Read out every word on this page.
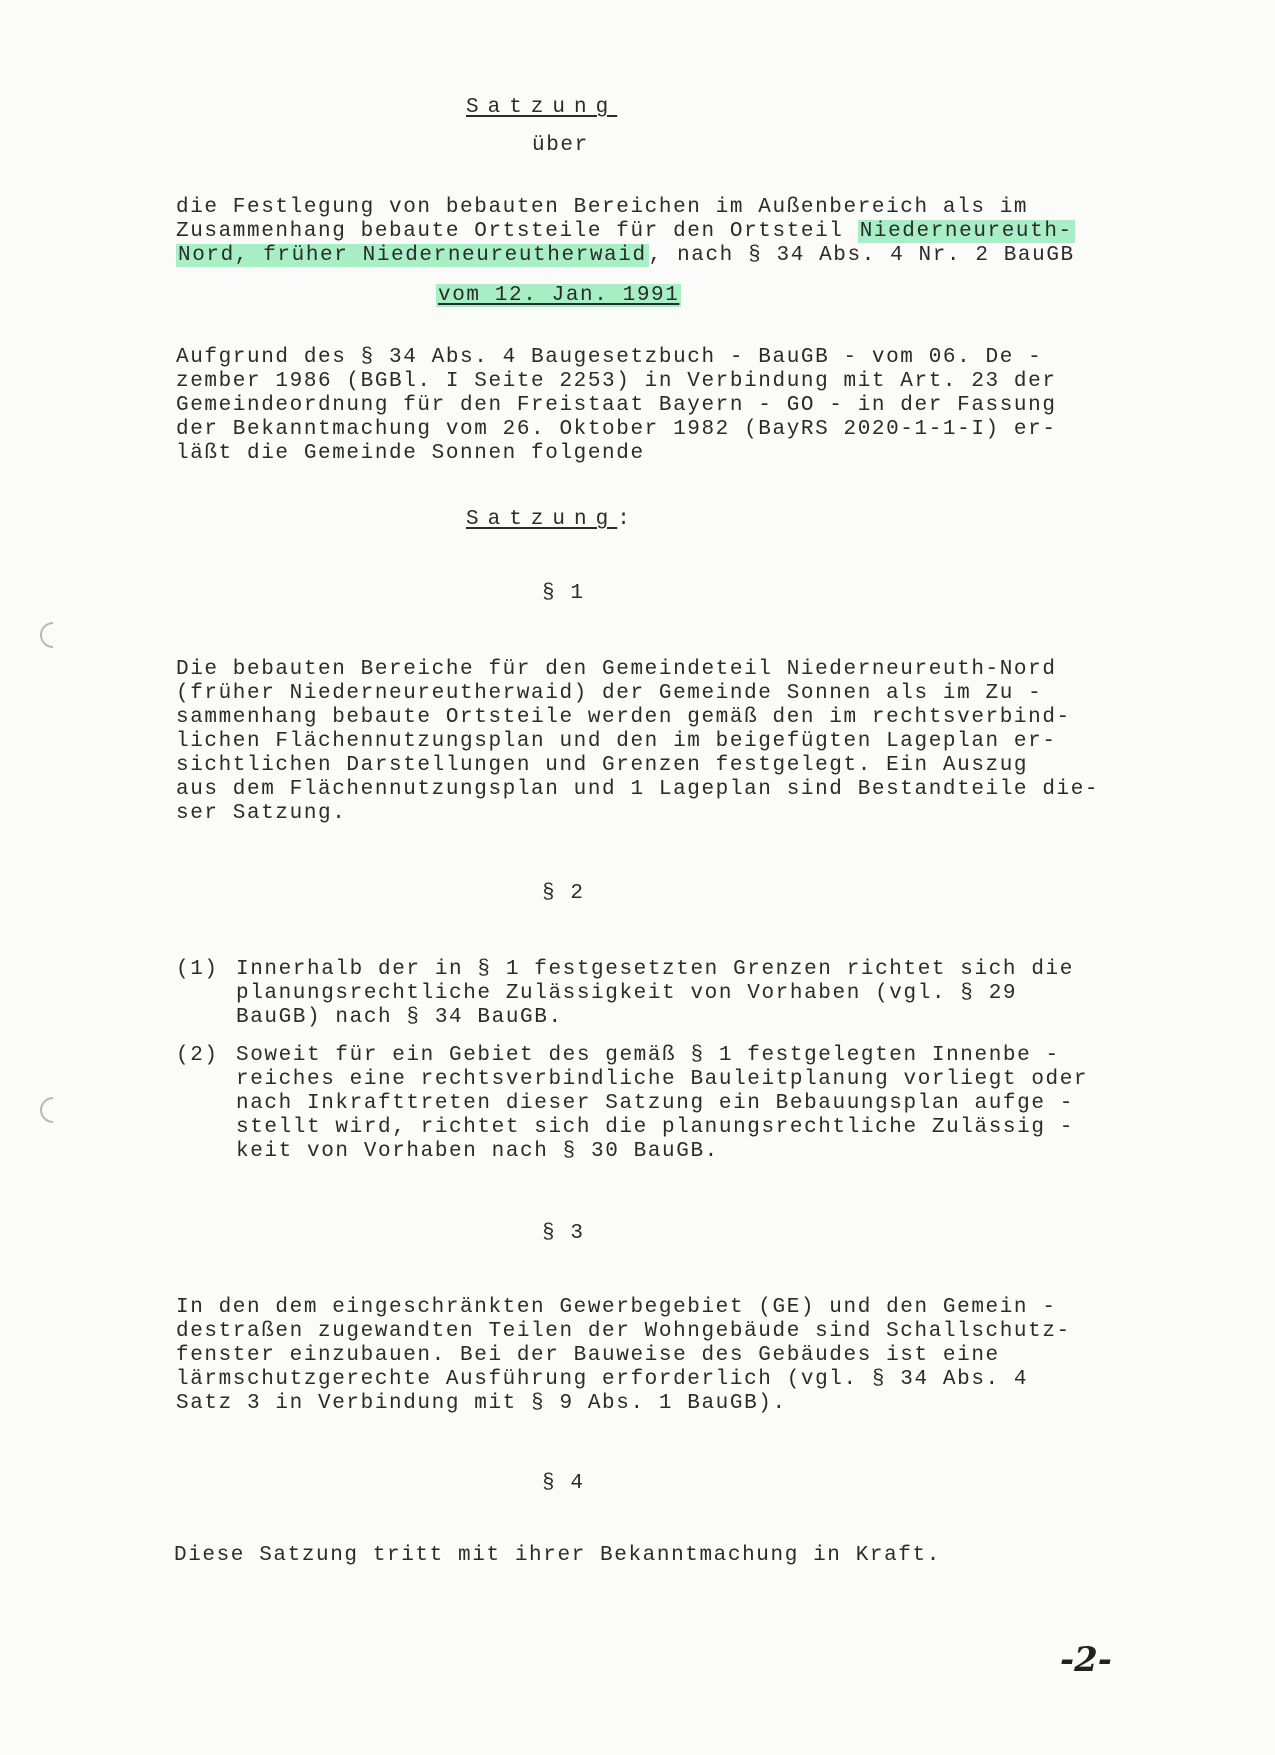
Satzung
über
die Festlegung von bebauten Bereichen im Außenbereich als im
Zusammenhang bebaute Ortsteile für den Ortsteil Niederneureuth-
Nord, früher Niederneureutherwaid, nach § 34 Abs. 4 Nr. 2 BauGB
vom 12. Jan. 1991
Aufgrund des § 34 Abs. 4 Baugesetzbuch - BauGB - vom 06. De -
zember 1986 (BGBl. I Seite 2253) in Verbindung mit Art. 23 der
Gemeindeordnung für den Freistaat Bayern - GO - in der Fassung
der Bekanntmachung vom 26. Oktober 1982 (BayRS 2020-1-1-I) er-
läßt die Gemeinde Sonnen folgende
Satzung:
§ 1
Die bebauten Bereiche für den Gemeindeteil Niederneureuth-Nord
(früher Niederneureutherwaid) der Gemeinde Sonnen als im Zu -
sammenhang bebaute Ortsteile werden gemäß den im rechtsverbind-
lichen Flächennutzungsplan und den im beigefügten Lageplan er-
sichtlichen Darstellungen und Grenzen festgelegt. Ein Auszug
aus dem Flächennutzungsplan und 1 Lageplan sind Bestandteile die-
ser Satzung.
§ 2
(1) Innerhalb der in § 1 festgesetzten Grenzen richtet sich die
planungsrechtliche Zulässigkeit von Vorhaben (vgl. § 29
BauGB) nach § 34 BauGB.
(2) Soweit für ein Gebiet des gemäß § 1 festgelegten Innenbe -
reiches eine rechtsverbindliche Bauleitplanung vorliegt oder
nach Inkrafttreten dieser Satzung ein Bebauungsplan aufge -
stellt wird, richtet sich die planungsrechtliche Zulässig -
keit von Vorhaben nach § 30 BauGB.
§ 3
In den dem eingeschränkten Gewerbegebiet (GE) und den Gemein -
destraßen zugewandten Teilen der Wohngebäude sind Schallschutz-
fenster einzubauen. Bei der Bauweise des Gebäudes ist eine
lärmschutzgerechte Ausführung erforderlich (vgl. § 34 Abs. 4
Satz 3 in Verbindung mit § 9 Abs. 1 BauGB).
§ 4
Diese Satzung tritt mit ihrer Bekanntmachung in Kraft.
-2-
